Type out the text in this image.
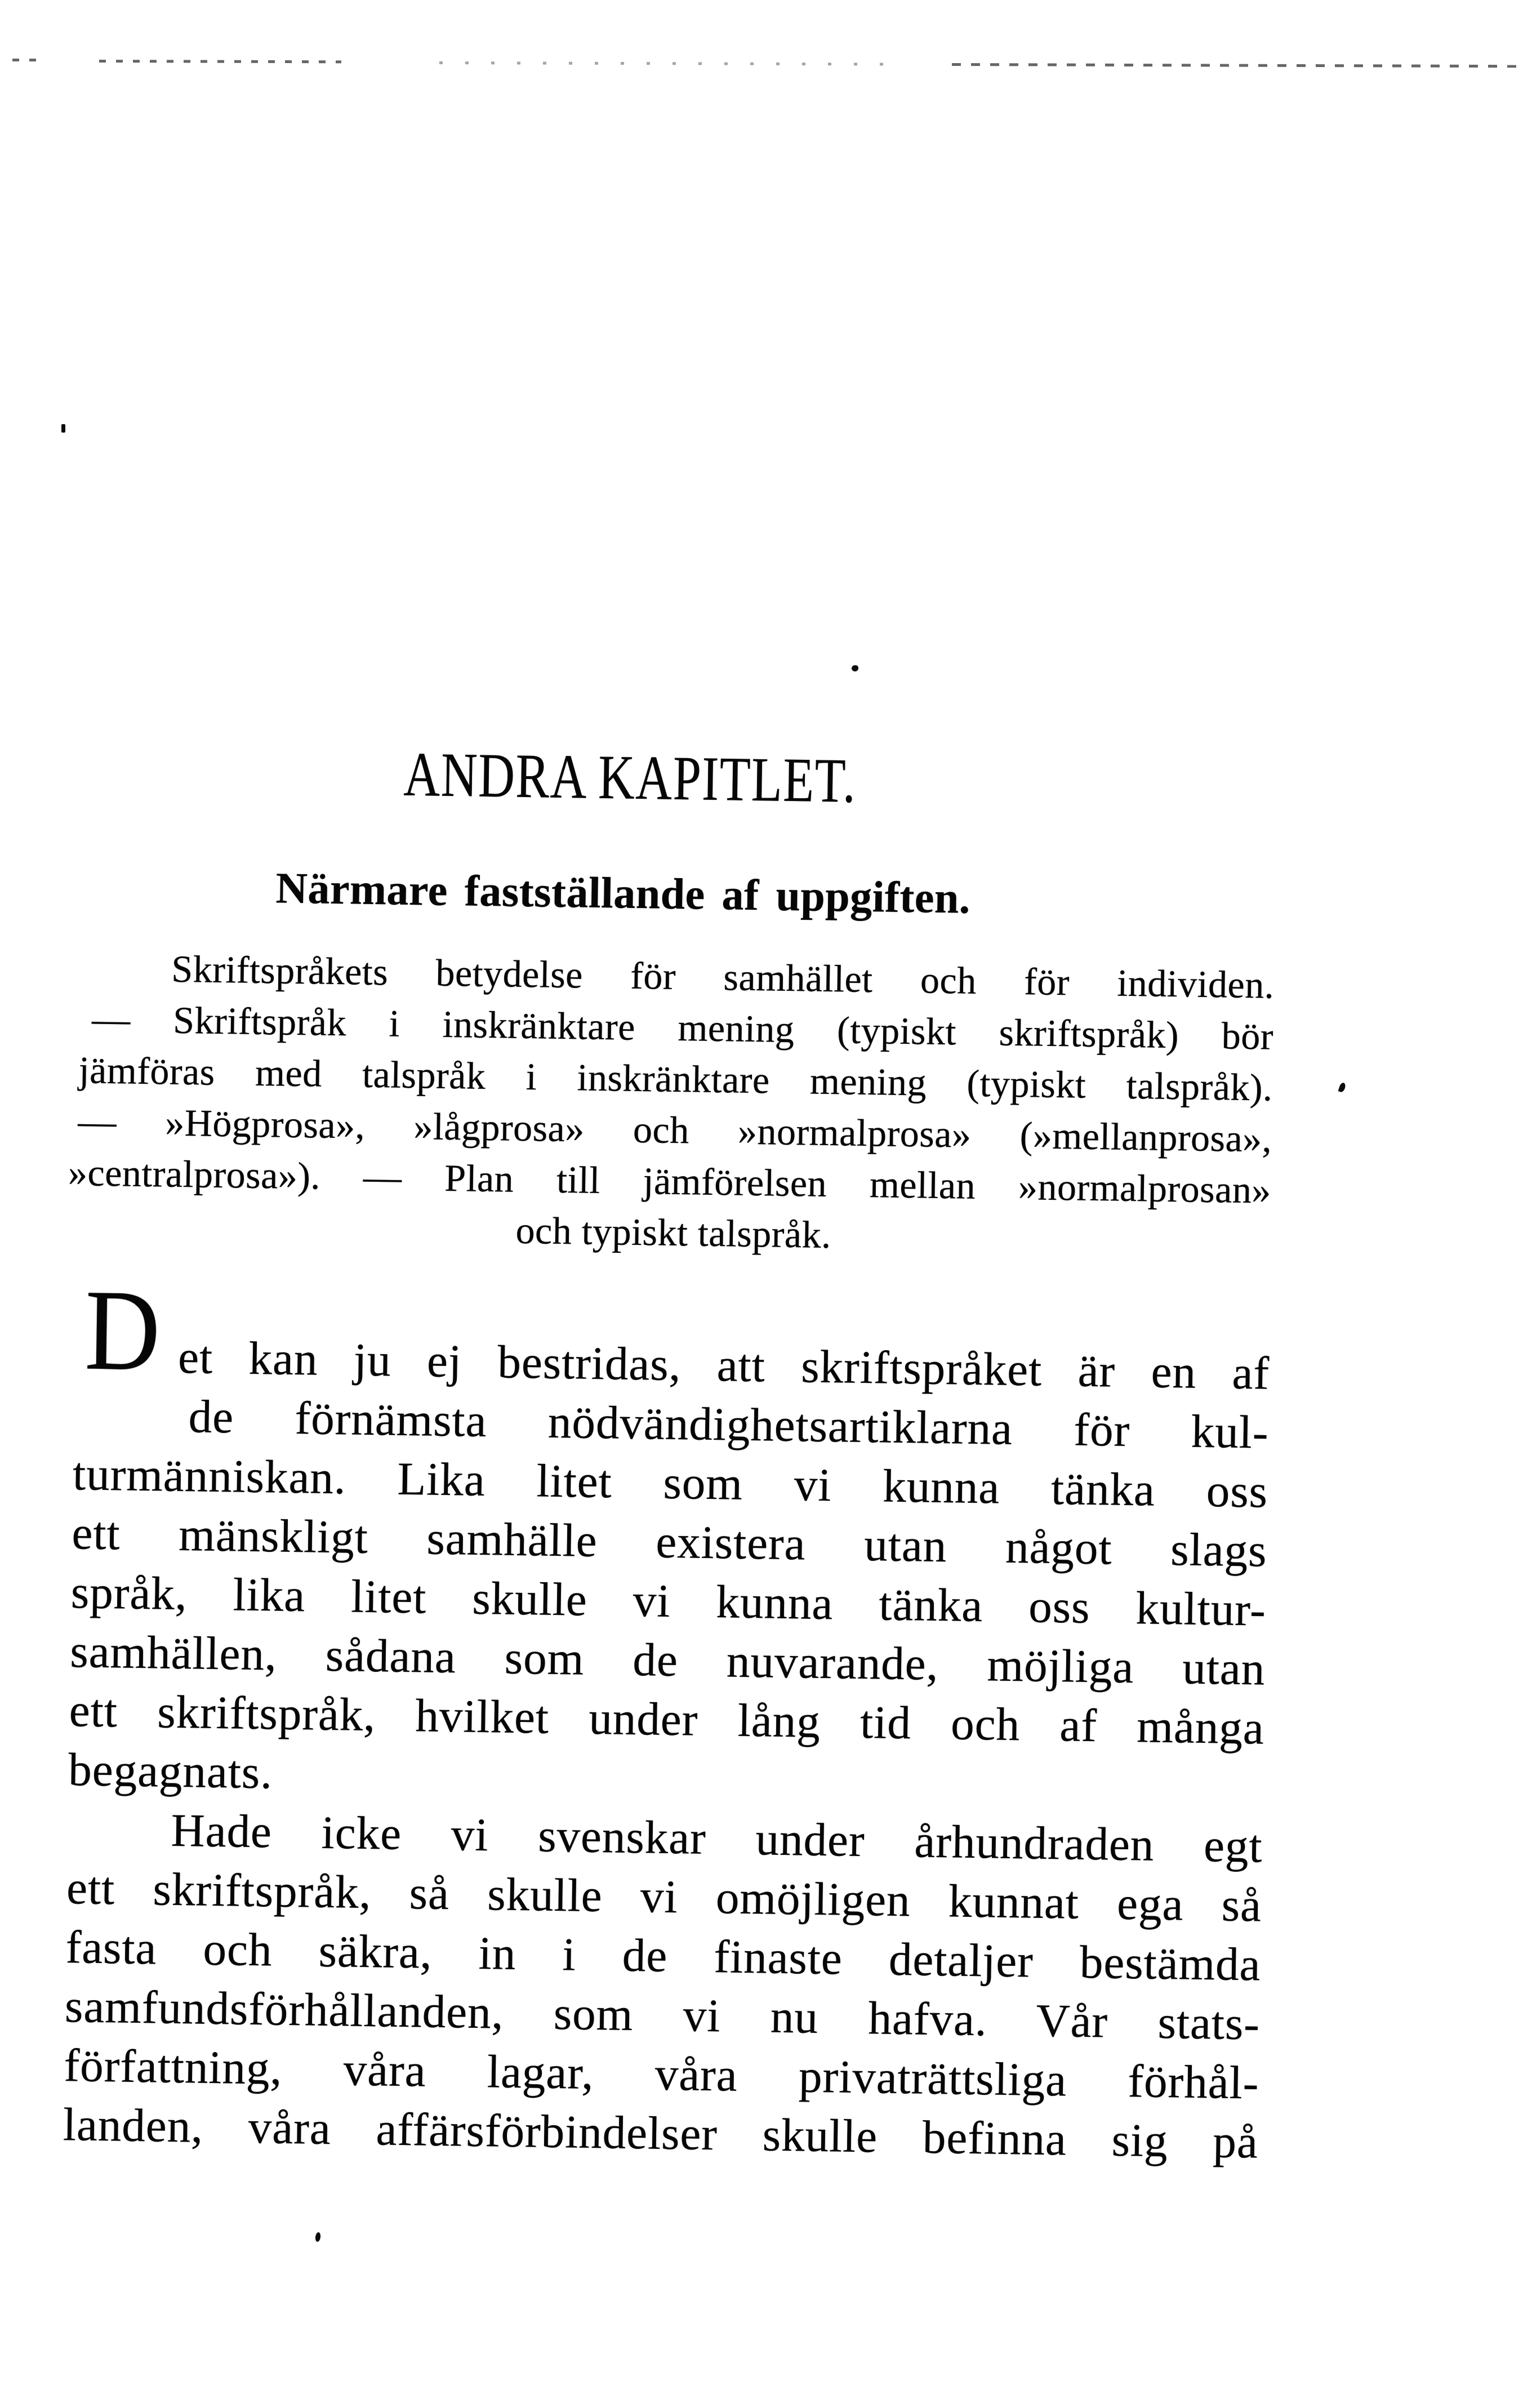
ANDRA KAPITLET.
Närmare fastställande af uppgiften.
Skriftspråkets betydelse för samhället och för individen.
— Skriftspråk i inskränktare mening (typiskt skriftspråk) bör
jämföras med talspråk i inskränktare mening (typiskt talspråk).
— »Högprosa», »lågprosa» och »normalprosa» (»mellanprosa»,
»centralprosa»). — Plan till jämförelsen mellan »normalprosan»
och typiskt talspråk.
D et kan ju ej bestridas, att skriftspråket är en af
de förnämsta nödvändighetsartiklarna för kul-
turmänniskan. Lika litet som vi kunna tänka oss
ett mänskligt samhälle existera utan något slags
språk, lika litet skulle vi kunna tänka oss kultur-
samhällen, sådana som de nuvarande, möjliga utan
ett skriftspråk, hvilket under lång tid och af många
begagnats.
Hade icke vi svenskar under århundraden egt
ett skriftspråk, så skulle vi omöjligen kunnat ega så
fasta och säkra, in i de finaste detaljer bestämda
samfundsförhållanden, som vi nu hafva. Vår stats-
författning, våra lagar, våra privaträttsliga förhål-
landen, våra affärsförbindelser skulle befinna sig på
